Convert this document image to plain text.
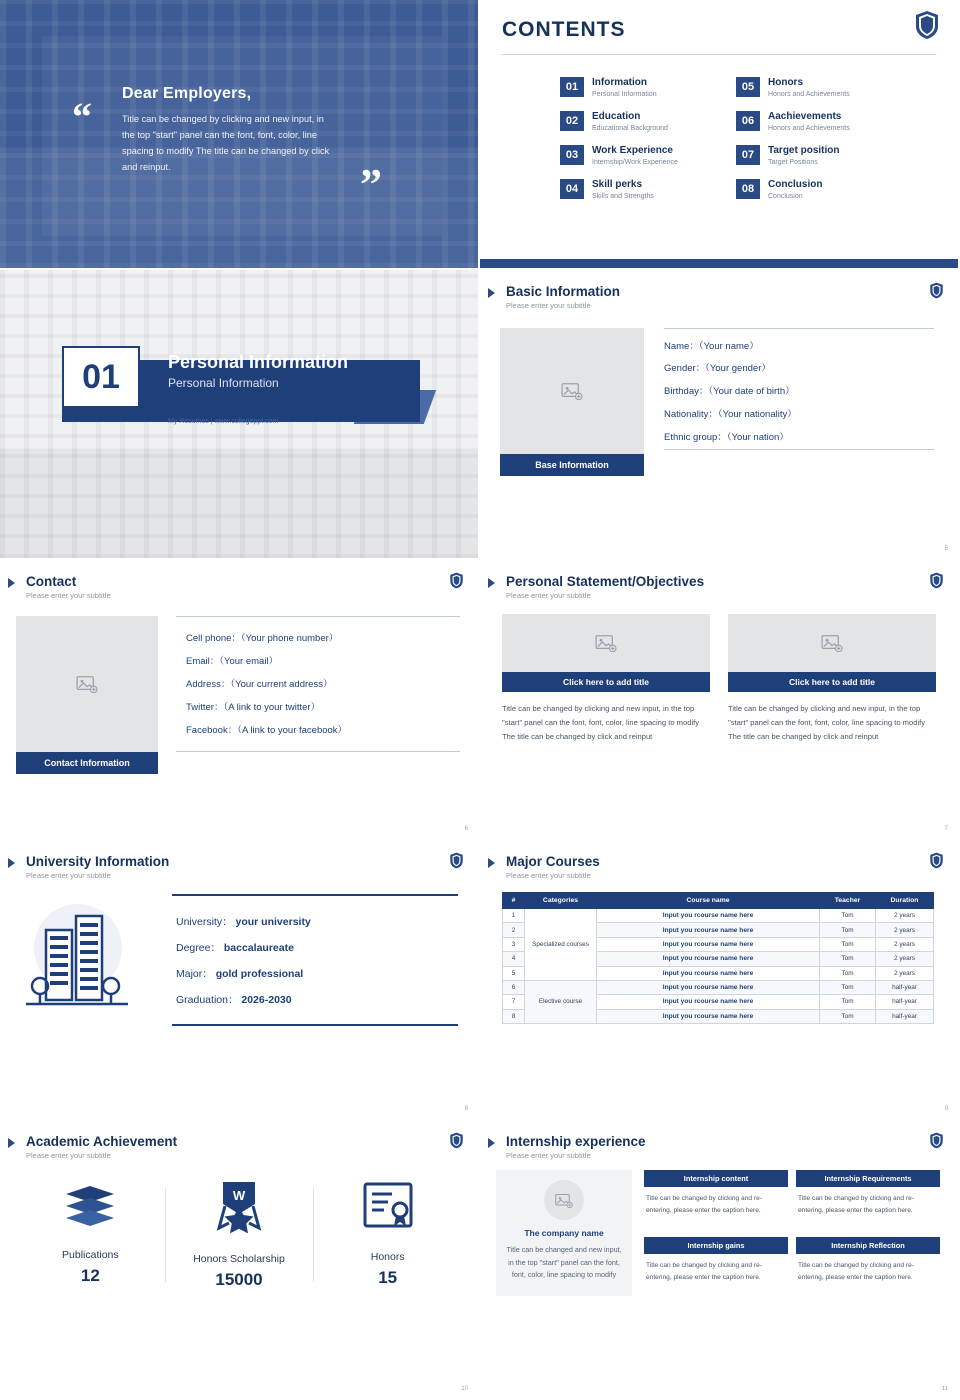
“
Dear Employers,

Title can be changed by clicking and new input, in the top "start" panel can the font, font, color, line spacing to modify The title can be changed by click and reinput.	”
CONTENTS
01	Information
Personal Information
05	Honors
Honors and Achievements
02	Education
Educational Background
06	Aachievements
Honors and Achievements
03	Work Experience
Internship/Work Experience
07	Target position
Target Positions
04	Skill perks
Skills and Strengths
08	Conclusion
Conclusion
01	Personal Information
Personal Information
My Resumes | www.collegeppt.com
Basic Information
Please enter your subtitle
Base Information
Name：（Your name）
Gender：（Your gender）
Birthday：（Your date of birth）
Nationality：（Your nationality）
Ethnic group：（Your nation）
5
Contact
Please enter your subtitle
Contact Information
Cell phone：（Your phone number）
Email：（Your email）
Address：（Your current address）
Twitter：（A link to your twitter）
Facebook：（A link to your facebook）
6
Personal Statement/Objectives
Please enter your subtitle
Click here to add title
Title can be changed by clicking and new input, in the top "start" panel can the font, font, color, line spacing to modify The title can be changed by click and reinput
Click here to add title
Title can be changed by clicking and new input, in the top "start" panel can the font, font, color, line spacing to modify The title can be changed by click and reinput
7
University Information
Please enter your subtitle
University： your university
Degree： baccalaureate
Major： gold professional
Graduation： 2026-2030
8
Major Courses
Please enter your subtitle
#	Categories	Course name	Teacher	Duration
1	Specialized courses	Input you rcourse name here	Tom	2 years
2		Input you rcourse name here	Tom	2 years
3		Input you rcourse name here	Tom	2 years
4		Input you rcourse name here	Tom	2 years
5		Input you rcourse name here	Tom	2 years
6	Elective course	Input you rcourse name here	Tom	half-year
7		Input you rcourse name here	Tom	half-year
8		Input you rcourse name here	Tom	half-year
9
Academic Achievement
Please enter your subtitle
Publications
12
W
Honors Scholarship
15000
Honors
15
10
Internship experience
Please enter your subtitle
The company name
Title can be changed and new input, in the top "start" panel can the font, font, color, line spacing to modify
Internship content
Title can be changed by clicking and re-entering, please enter the caption here.
Internship Requirements
Title can be changed by clicking and re-entering, please enter the caption here.
Internship gains
Title can be changed by clicking and re-entering, please enter the caption here.
Internship Reflection
Title can be changed by clicking and re-entering, please enter the caption here.
11
